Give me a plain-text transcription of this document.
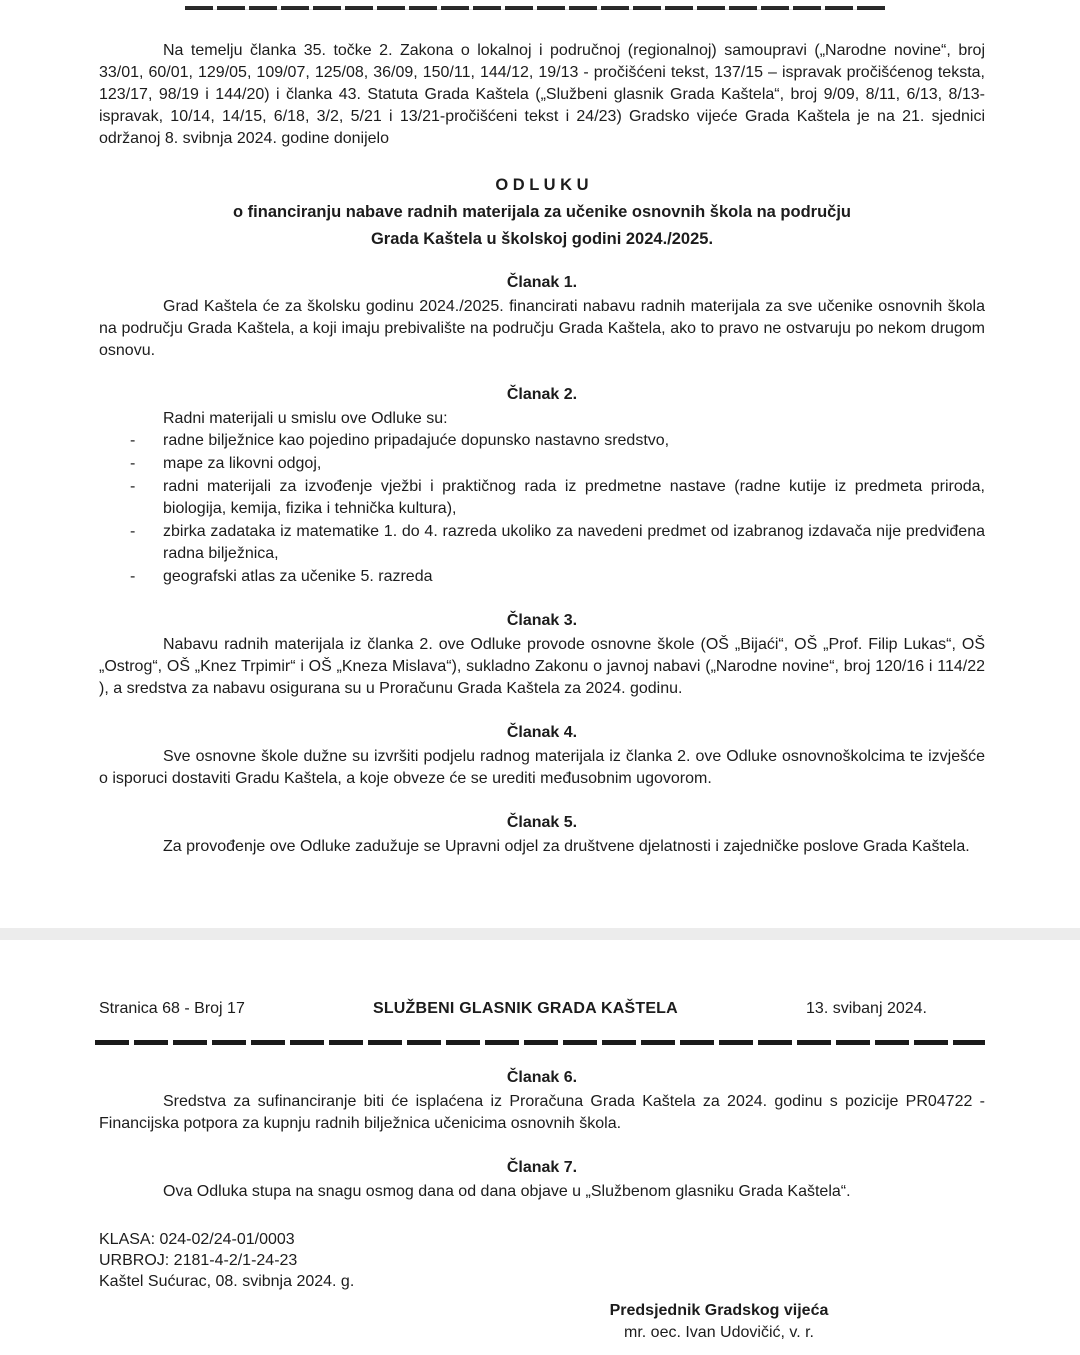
Na temelju članka 35. točke 2. Zakona o lokalnoj i područnoj (regionalnoj) samoupravi („Narodne novine“, broj 33/01, 60/01, 129/05, 109/07, 125/08, 36/09, 150/11, 144/12, 19/13 - pročišćeni tekst, 137/15 – ispravak pročišćenog teksta, 123/17, 98/19 i 144/20) i članka 43. Statuta Grada Kaštela („Službeni glasnik Grada Kaštela“, broj 9/09, 8/11, 6/13, 8/13-ispravak, 10/14, 14/15, 6/18, 3/2, 5/21 i 13/21-pročišćeni tekst i 24/23) Gradsko vijeće Grada Kaštela je na 21. sjednici održanoj 8. svibnja 2024. godine donijelo

O D L U K U

o financiranju nabave radnih materijala za učenike osnovnih škola na području

Grada Kaštela u školskoj godini 2024./2025.

Članak 1.

Grad Kaštela će za školsku godinu 2024./2025. financirati nabavu radnih materijala za sve učenike osnovnih škola na području Grada Kaštela, a koji imaju prebivalište na području Grada Kaštela, ako to pravo ne ostvaruju po nekom drugom osnovu.

Članak 2.

Radni materijali u smislu ove Odluke su:

- radne bilježnice kao pojedino pripadajuće dopunsko nastavno sredstvo,
- mape za likovni odgoj,
- radni materijali za izvođenje vježbi i praktičnog rada iz predmetne nastave (radne kutije iz predmeta priroda, biologija, kemija, fizika i tehnička kultura),
- zbirka zadataka iz matematike 1. do 4. razreda ukoliko za navedeni predmet od izabranog izdavača nije predviđena radna bilježnica,
- geografski atlas za učenike 5. razreda

Članak 3.

Nabavu radnih materijala iz članka 2. ove Odluke provode osnovne škole (OŠ „Bijaći“, OŠ „Prof. Filip Lukas“, OŠ „Ostrog“, OŠ „Knez Trpimir“ i OŠ „Kneza Mislava“), sukladno Zakonu o javnoj nabavi („Narodne novine“, broj 120/16 i 114/22 ), a sredstva za nabavu osigurana su u Proračunu Grada Kaštela za 2024. godinu.

Članak 4.

Sve osnovne škole dužne su izvršiti podjelu radnog materijala iz članka 2. ove Odluke osnovnoškolcima te izvješće o isporuci dostaviti Gradu Kaštela, a koje obveze će se urediti međusobnim ugovorom.

Članak 5.

Za provođenje ove Odluke zadužuje se Upravni odjel za društvene djelatnosti i zajedničke poslove Grada Kaštela.

Stranica 68 - Broj 17	SLUŽBENI GLASNIK GRADA KAŠTELA	13. svibanj 2024.

Članak 6.

Sredstva za sufinanciranje biti će isplaćena iz Proračuna Grada Kaštela za 2024. godinu s pozicije PR04722 - Financijska potpora za kupnju radnih bilježnica učenicima osnovnih škola.

Članak 7.

Ova Odluka stupa na snagu osmog dana od dana objave u „Službenom glasniku Grada Kaštela“.

KLASA: 024-02/24-01/0003

URBROJ: 2181-4-2/1-24-23

Kaštel Sućurac, 08. svibnja 2024. g.

Predsjednik Gradskog vijeća

mr. oec. Ivan Udovičić, v. r.
